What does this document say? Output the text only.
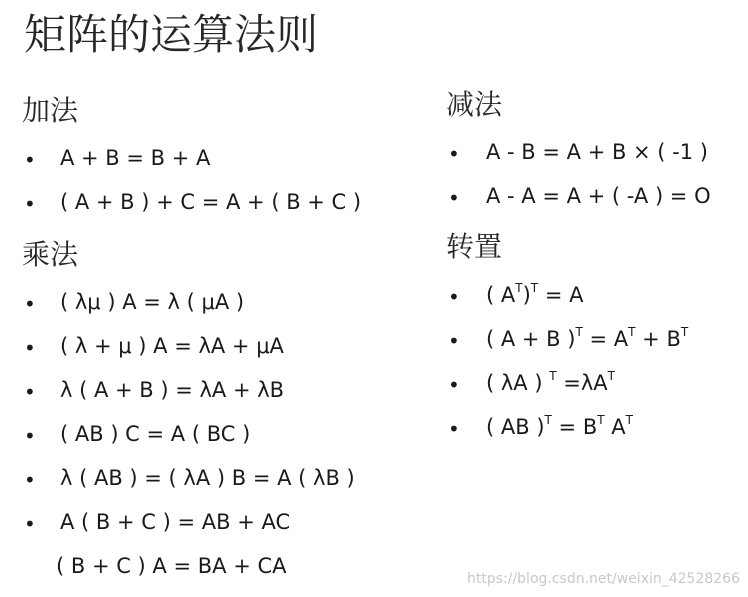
矩阵的运算法则
加法
• A + B = B + A
• ( A + B ) + C = A + ( B + C )
乘法
• ( λμ ) A = λ ( μA )
• ( λ + μ ) A = λA + μA
• λ ( A + B ) = λA + λB
• ( AB ) C = A ( BC )
• λ ( AB ) = ( λA ) B = A ( λB )
• A ( B + C ) = AB + AC
( B + C ) A = BA + CA
减法
• A - B = A + B × ( -1 )
• A - A = A + ( -A ) = O
转置
• ( $A^T)^T = A$
• ( A + B )$^T = A^T + B^T$
• ( λA ) $^T =\lambda A^T$
• ( AB )$^T = B^T$ $A^T$
https://blog.csdn.net/weixin_42528266
